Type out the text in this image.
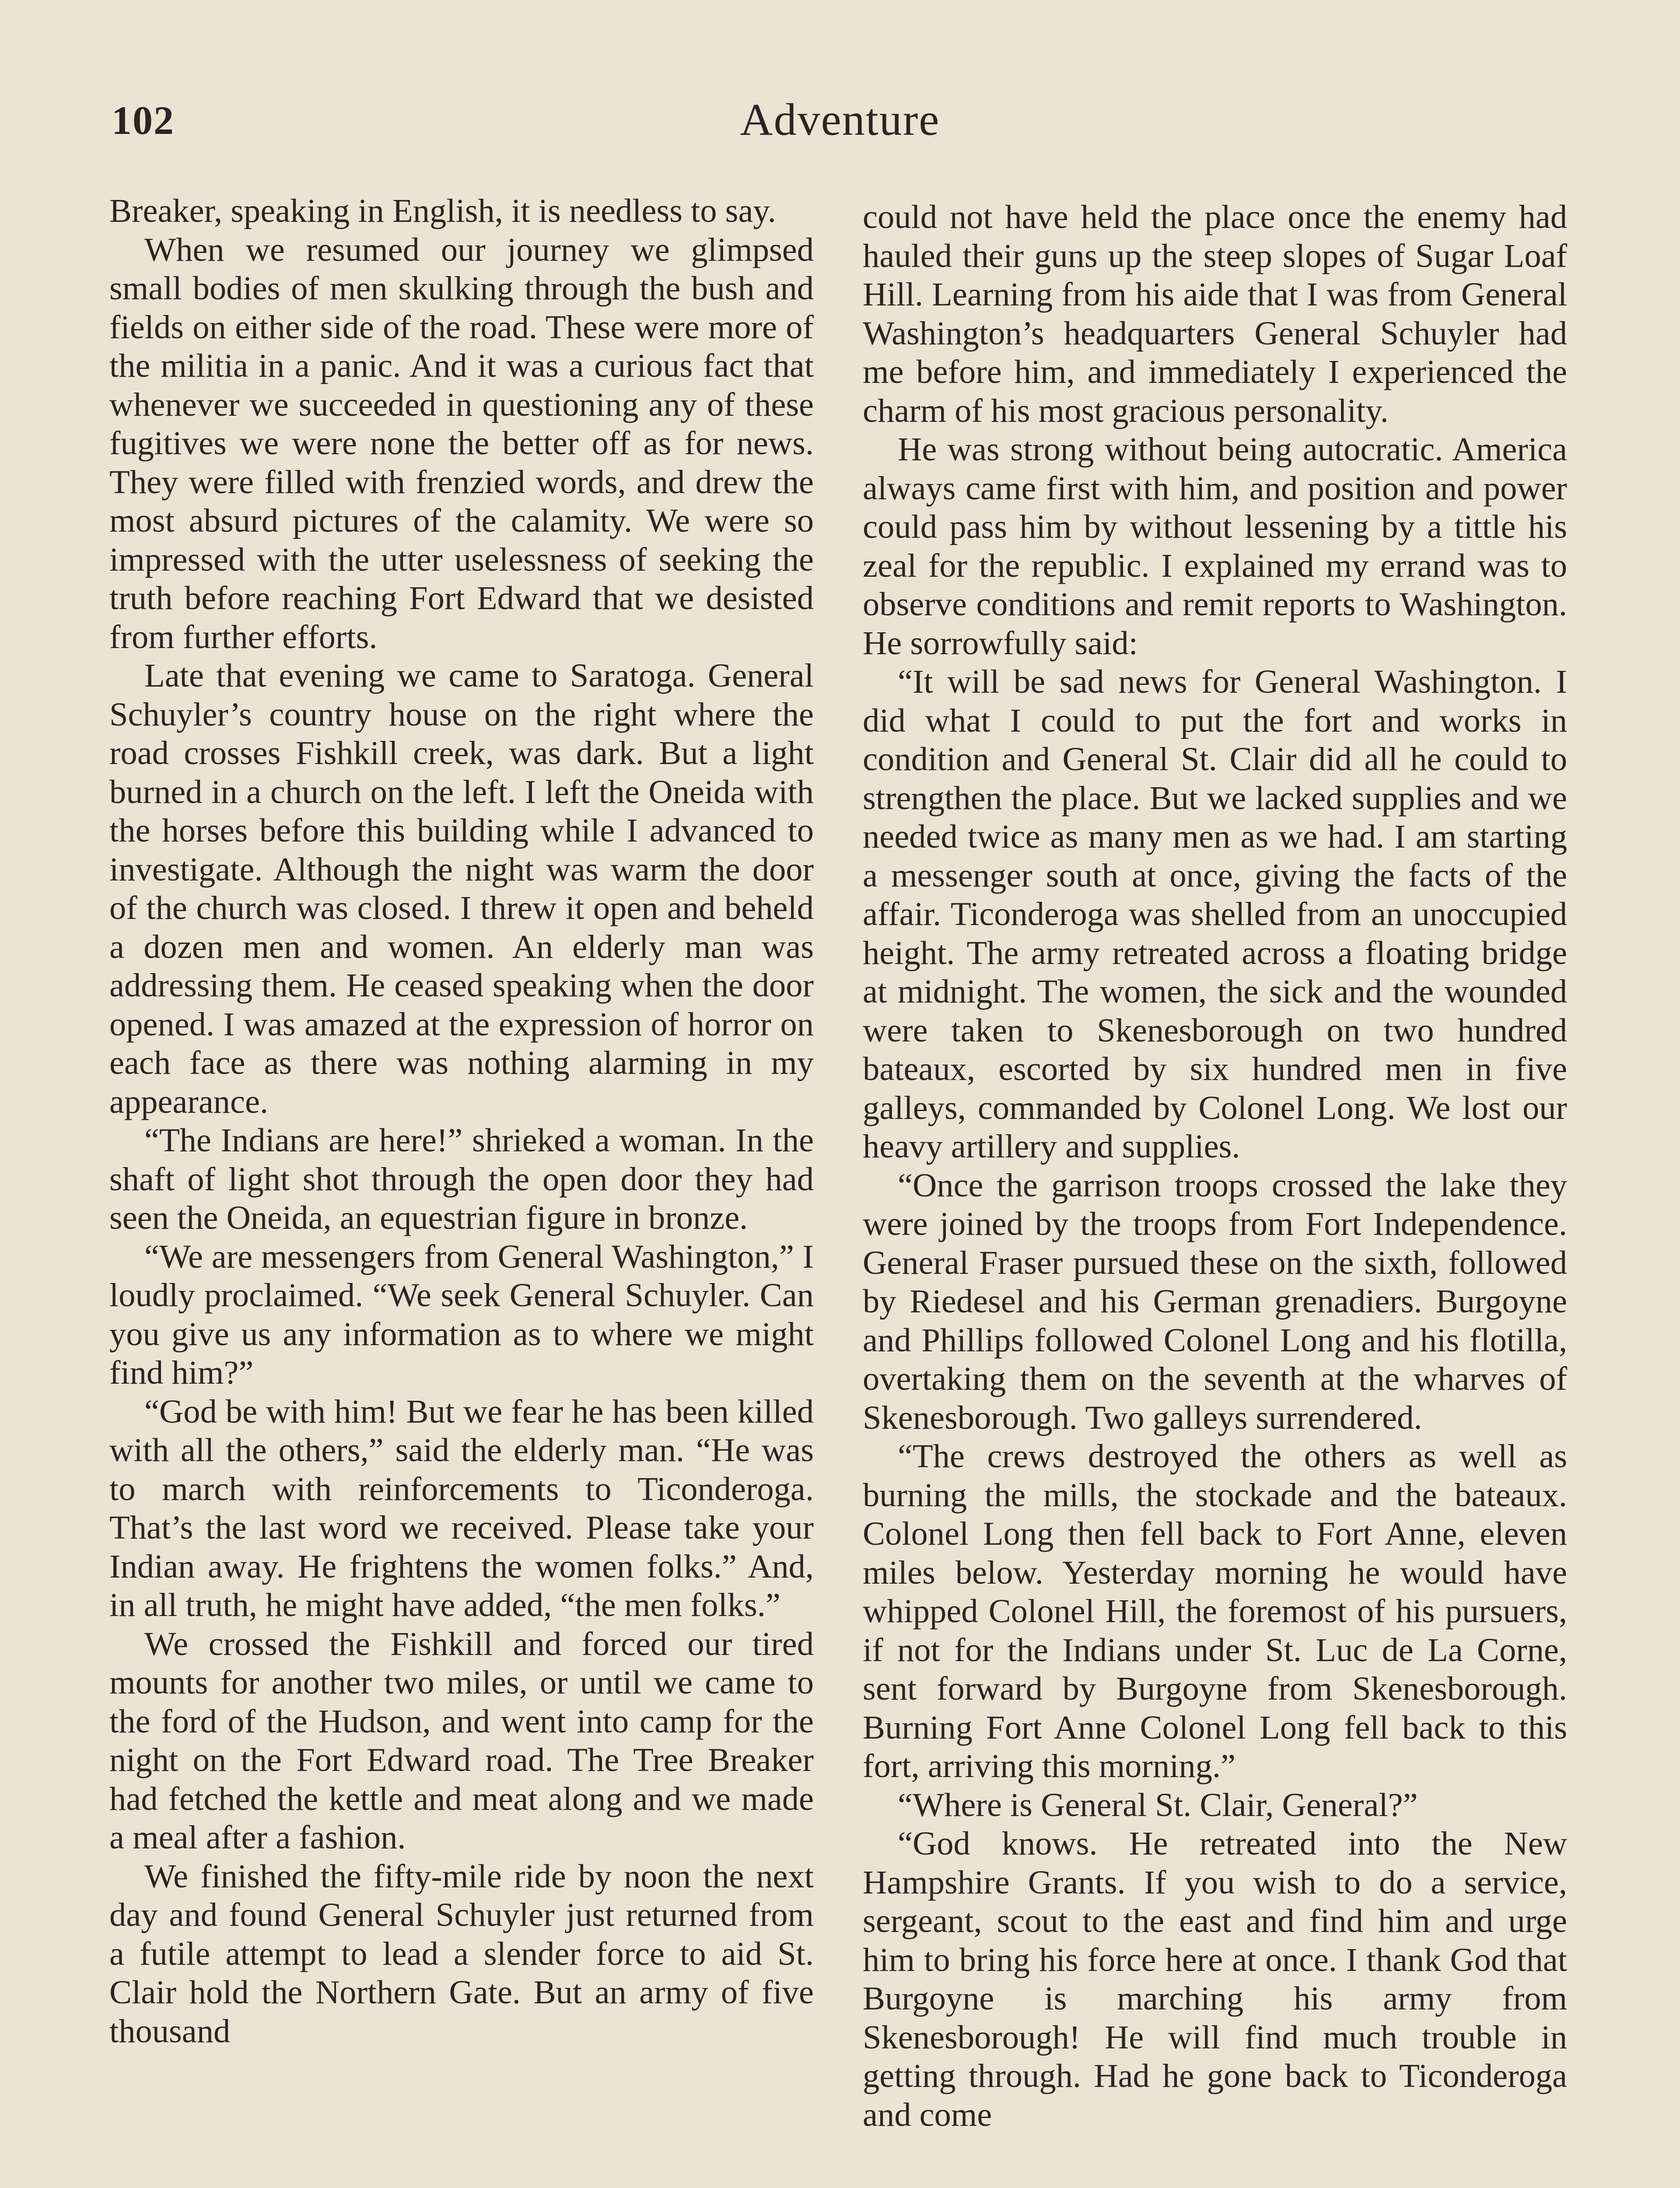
102	Adventure

Breaker, speaking in English, it is needless to say.

When we resumed our journey we glimpsed small bodies of men skulking through the bush and fields on either side of the road. These were more of the militia in a panic. And it was a curious fact that whenever we succeeded in questioning any of these fugitives we were none the better off as for news. They were filled with frenzied words, and drew the most absurd pictures of the calamity. We were so impressed with the utter uselessness of seeking the truth before reaching Fort Edward that we desisted from further efforts.

Late that evening we came to Saratoga. General Schuyler’s country house on the right where the road crosses Fishkill creek, was dark. But a light burned in a church on the left. I left the Oneida with the horses before this building while I advanced to investigate. Although the night was warm the door of the church was closed. I threw it open and beheld a dozen men and women. An elderly man was addressing them. He ceased speaking when the door opened. I was amazed at the expression of horror on each face as there was nothing alarming in my appearance.

“The Indians are here!” shrieked a woman. In the shaft of light shot through the open door they had seen the Oneida, an equestrian figure in bronze.

“We are messengers from General Washington,” I loudly proclaimed. “We seek General Schuyler. Can you give us any information as to where we might find him?”

“God be with him! But we fear he has been killed with all the others,” said the elderly man. “He was to march with reinforcements to Ticonderoga. That’s the last word we received. Please take your Indian away. He frightens the women folks.” And, in all truth, he might have added, “the men folks.”

We crossed the Fishkill and forced our tired mounts for another two miles, or until we came to the ford of the Hudson, and went into camp for the night on the Fort Edward road. The Tree Breaker had fetched the kettle and meat along and we made a meal after a fashion.

We finished the fifty-mile ride by noon the next day and found General Schuyler just returned from a futile attempt to lead a slender force to aid St. Clair hold the Northern Gate. But an army of five thousand

could not have held the place once the enemy had hauled their guns up the steep slopes of Sugar Loaf Hill. Learning from his aide that I was from General Washington’s headquarters General Schuyler had me before him, and immediately I experienced the charm of his most gracious personality.

He was strong without being autocratic. America always came first with him, and position and power could pass him by without lessening by a tittle his zeal for the republic. I explained my errand was to observe conditions and remit reports to Washington. He sorrowfully said:

“It will be sad news for General Washington. I did what I could to put the fort and works in condition and General St. Clair did all he could to strengthen the place. But we lacked supplies and we needed twice as many men as we had. I am starting a messenger south at once, giving the facts of the affair. Ticonderoga was shelled from an unoccupied height. The army retreated across a floating bridge at midnight. The women, the sick and the wounded were taken to Skenesborough on two hundred bateaux, escorted by six hundred men in five galleys, commanded by Colonel Long. We lost our heavy artillery and supplies.

“Once the garrison troops crossed the lake they were joined by the troops from Fort Independence. General Fraser pursued these on the sixth, followed by Riedesel and his German grenadiers. Burgoyne and Phillips followed Colonel Long and his flotilla, overtaking them on the seventh at the wharves of Skenesborough. Two galleys surrendered.

“The crews destroyed the others as well as burning the mills, the stockade and the bateaux. Colonel Long then fell back to Fort Anne, eleven miles below. Yesterday morning he would have whipped Colonel Hill, the foremost of his pursuers, if not for the Indians under St. Luc de La Corne, sent forward by Burgoyne from Skenesborough. Burning Fort Anne Colonel Long fell back to this fort, arriving this morning.”

“Where is General St. Clair, General?”

“God knows. He retreated into the New Hampshire Grants. If you wish to do a service, sergeant, scout to the east and find him and urge him to bring his force here at once. I thank God that Burgoyne is marching his army from Skenesborough! He will find much trouble in getting through. Had he gone back to Ticonderoga and come
